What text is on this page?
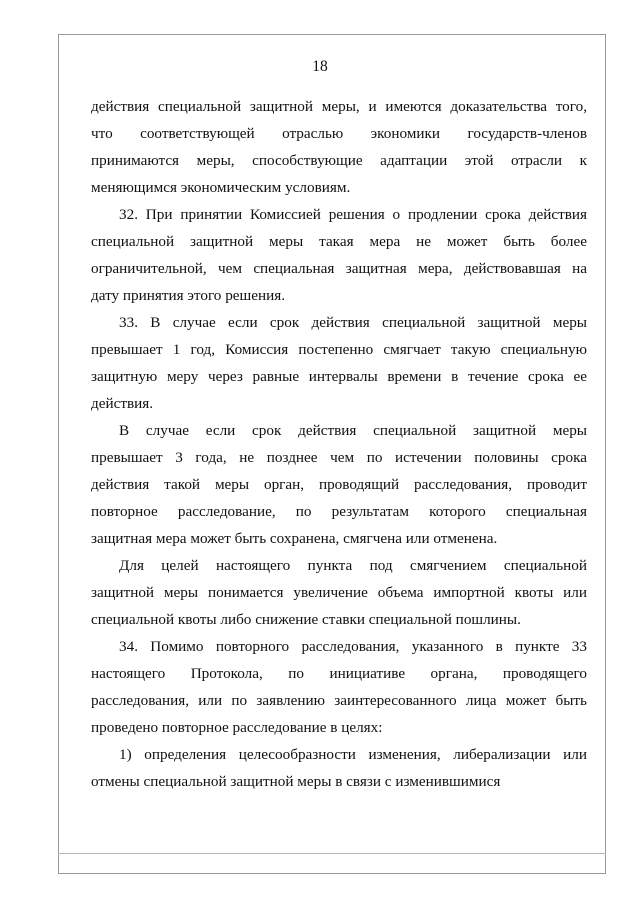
18

действия специальной защитной меры, и имеются доказательства того,
что соответствующей отраслью экономики государств-членов
принимаются меры, способствующие адаптации этой отрасли к
меняющимся экономическим условиям.

32. При принятии Комиссией решения о продлении срока действия
специальной защитной меры такая мера не может быть более
ограничительной, чем специальная защитная мера, действовавшая на
дату принятия этого решения.

33. В случае если срок действия специальной защитной меры
превышает 1 год, Комиссия постепенно смягчает такую специальную
защитную меру через равные интервалы времени в течение срока ее
действия.

В случае если срок действия специальной защитной меры
превышает 3 года, не позднее чем по истечении половины срока
действия такой меры орган, проводящий расследования, проводит
повторное расследование, по результатам которого специальная
защитная мера может быть сохранена, смягчена или отменена.

Для целей настоящего пункта под смягчением специальной
защитной меры понимается увеличение объема импортной квоты или
специальной квоты либо снижение ставки специальной пошлины.

34. Помимо повторного расследования, указанного в пункте 33
настоящего Протокола, по инициативе органа, проводящего
расследования, или по заявлению заинтересованного лица может быть
проведено повторное расследование в целях:

1) определения целесообразности изменения, либерализации или
отмены специальной защитной меры в связи с изменившимися
